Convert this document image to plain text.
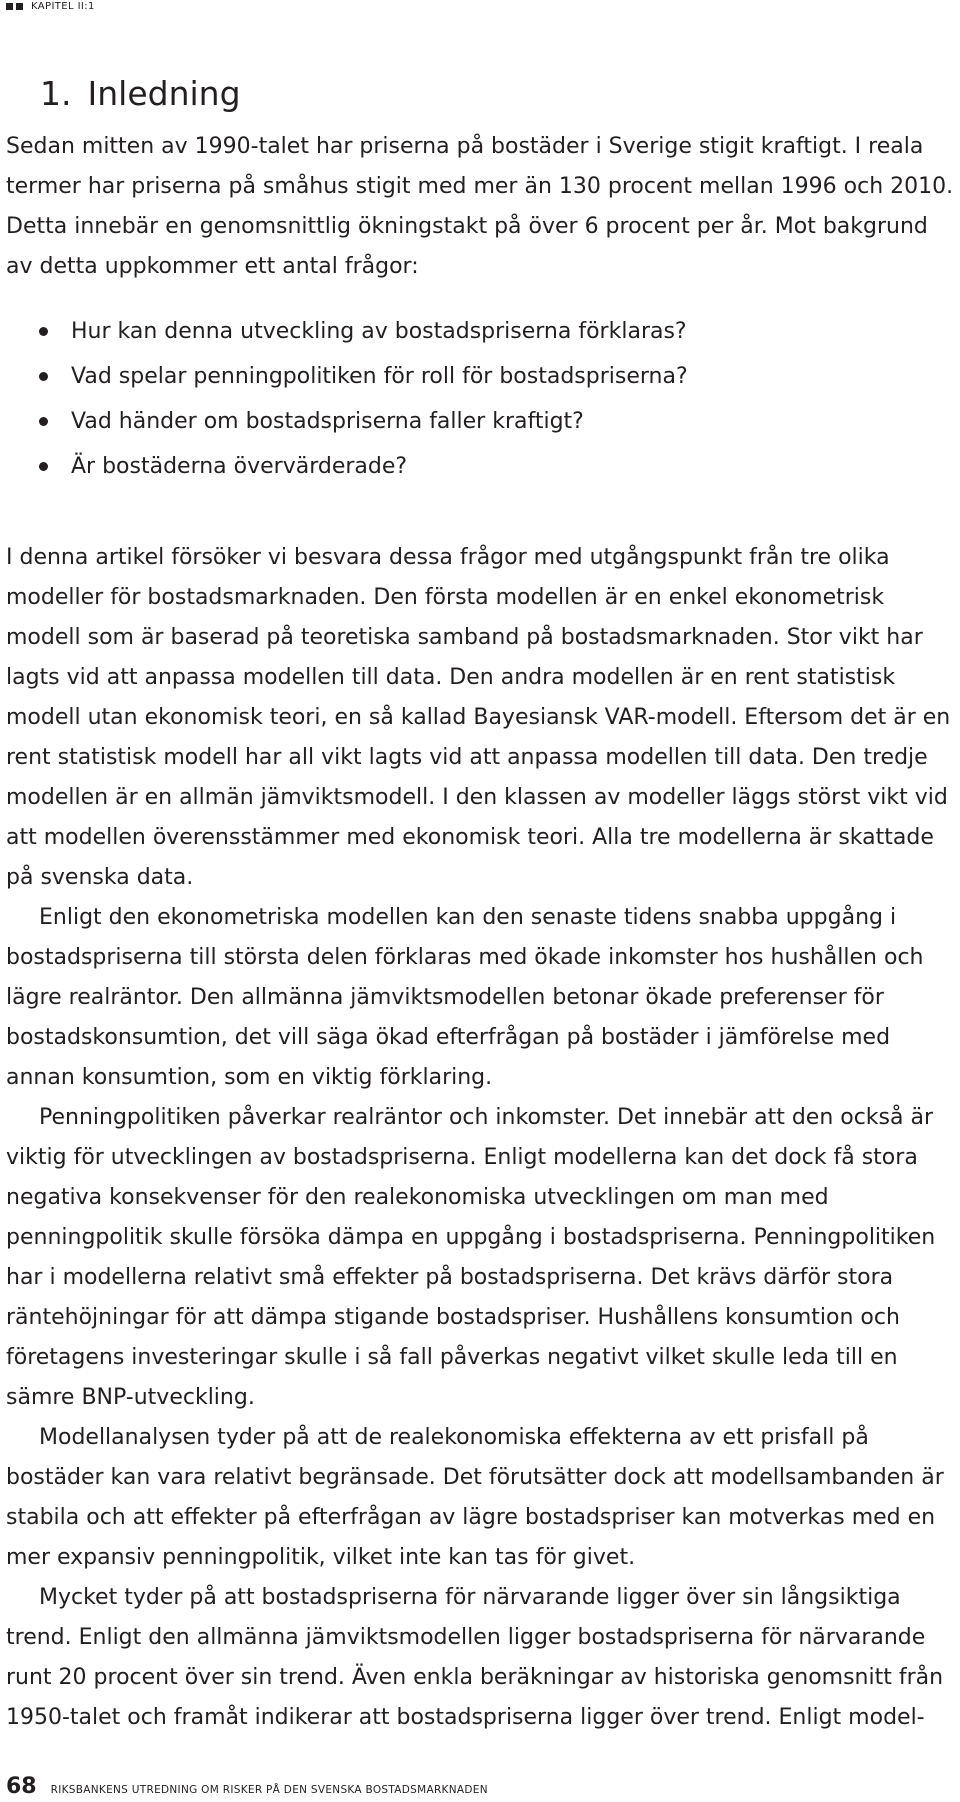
KAPITEL II:1
1. Inledning

Sedan mitten av 1990-talet har priserna på bostäder i Sverige stigit kraftigt. I reala termer har priserna på småhus stigit med mer än 130 procent mellan 1996 och 2010. Detta innebär en genomsnittlig ökningstakt på över 6 procent per år. Mot bakgrund av detta uppkommer ett antal frågor:

Hur kan denna utveckling av bostadspriserna förklaras?
Vad spelar penningpolitiken för roll för bostadspriserna?
Vad händer om bostadspriserna faller kraftigt?
Är bostäderna övervärderade?

I denna artikel försöker vi besvara dessa frågor med utgångspunkt från tre olika modeller för bostadsmarknaden. Den första modellen är en enkel ekonometrisk modell som är baserad på teoretiska samband på bostadsmarknaden. Stor vikt har lagts vid att anpassa modellen till data. Den andra modellen är en rent statistisk modell utan ekonomisk teori, en så kallad Bayesiansk VAR-modell. Eftersom det är en rent statistisk modell har all vikt lagts vid att anpassa modellen till data. Den tredje modellen är en allmän jämviktsmodell. I den klassen av modeller läggs störst vikt vid att modellen överensstämmer med ekonomisk teori. Alla tre modellerna är skattade på svenska data.

Enligt den ekonometriska modellen kan den senaste tidens snabba uppgång i bostadspriserna till största delen förklaras med ökade inkomster hos hushållen och lägre realräntor. Den allmänna jämviktsmodellen betonar ökade preferenser för bostadskonsumtion, det vill säga ökad efterfrågan på bostäder i jämförelse med annan konsumtion, som en viktig förklaring.

Penningpolitiken påverkar realräntor och inkomster. Det innebär att den också är viktig för utvecklingen av bostadspriserna. Enligt modellerna kan det dock få stora negativa konsekvenser för den realekonomiska utvecklingen om man med penningpolitik skulle försöka dämpa en uppgång i bostadspriserna. Penningpolitiken har i modellerna relativt små effekter på bostadspriserna. Det krävs därför stora räntehöjningar för att dämpa stigande bostadspriser. Hushållens konsumtion och företagens investeringar skulle i så fall påverkas negativt vilket skulle leda till en sämre BNP-utveckling.

Modellanalysen tyder på att de realekonomiska effekterna av ett prisfall på bostäder kan vara relativt begränsade. Det förutsätter dock att modellsambanden är stabila och att effekter på efterfrågan av lägre bostadspriser kan motverkas med en mer expansiv penningpolitik, vilket inte kan tas för givet.

Mycket tyder på att bostadspriserna för närvarande ligger över sin långsiktiga trend. Enligt den allmänna jämviktsmodellen ligger bostadspriserna för närvarande runt 20 procent över sin trend. Även enkla beräkningar av historiska genomsnitt från 1950-talet och framåt indikerar att bostadspriserna ligger över trend. Enligt model-

68 RIKSBANKENS UTREDNING OM RISKER PÅ DEN SVENSKA BOSTADSMARKNADEN
